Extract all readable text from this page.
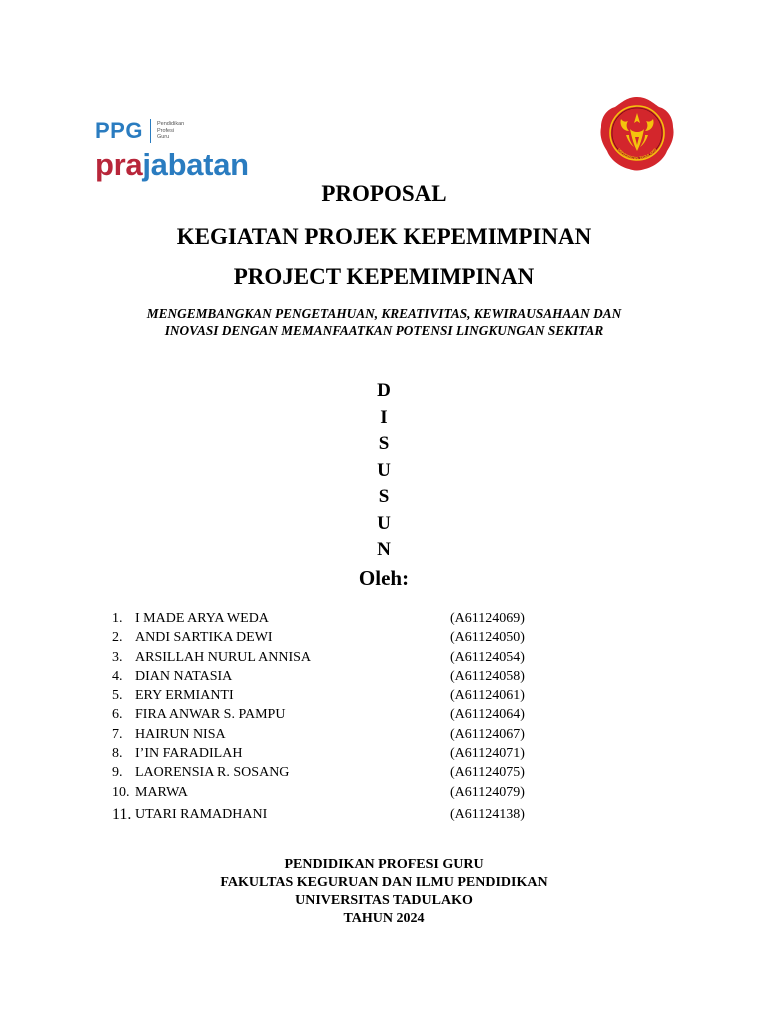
PPG	Pendidikan
Profesi
Guru
prajabatan	UNIVERSITAS TADULAKO
PROPOSAL
KEGIATAN PROJEK KEPEMIMPINAN
PROJECT KEPEMIMPINAN
MENGEMBANGKAN PENGETAHUAN, KREATIVITAS, KEWIRAUSAHAAN DAN
INOVASI DENGAN MEMANFAATKAN POTENSI LINGKUNGAN SEKITAR
D
I
S
U
S
U
N
Oleh:
1. I MADE ARYA WEDA	(A61124069)
2. ANDI SARTIKA DEWI	(A61124050)
3. ARSILLAH NURUL ANNISA	(A61124054)
4. DIAN NATASIA	(A61124058)
5. ERY ERMIANTI	(A61124061)
6. FIRA ANWAR S. PAMPU	(A61124064)
7. HAIRUN NISA	(A61124067)
8. I’IN FARADILAH	(A61124071)
9. LAORENSIA R. SOSANG	(A61124075)
10. MARWA	(A61124079)
11. UTARI RAMADHANI	(A61124138)
PENDIDIKAN PROFESI GURU
FAKULTAS KEGURUAN DAN ILMU PENDIDIKAN
UNIVERSITAS TADULAKO
TAHUN 2024
